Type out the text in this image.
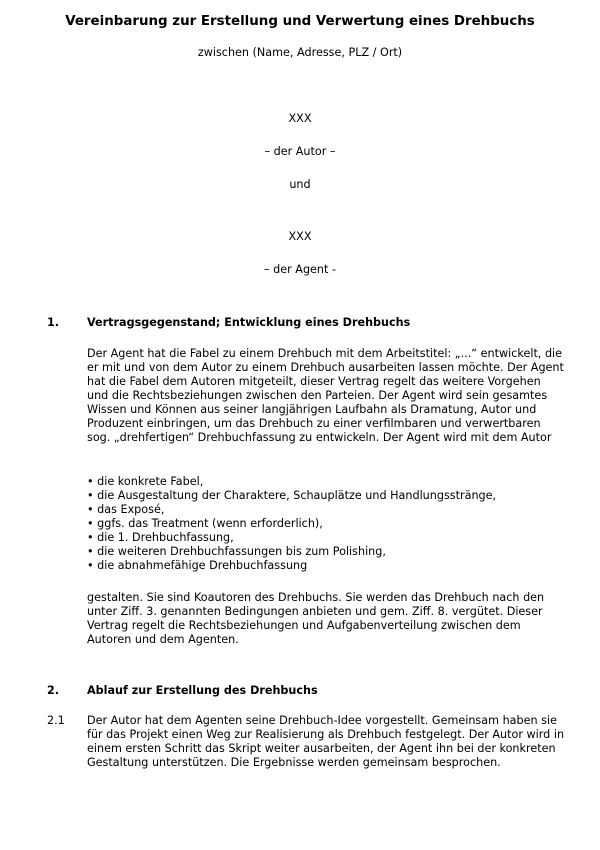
Vereinbarung zur Erstellung und Verwertung eines Drehbuchs
zwischen (Name, Adresse, PLZ / Ort)
XXX
– der Autor –
und
XXX
– der Agent -
1. Vertragsgegenstand; Entwicklung eines Drehbuchs

Der Agent hat die Fabel zu einem Drehbuch mit dem Arbeitstitel: „...“ entwickelt, die er mit und von dem Autor zu einem Drehbuch ausarbeiten lassen möchte. Der Agent hat die Fabel dem Autoren mitgeteilt, dieser Vertrag regelt das weitere Vorgehen und die Rechtsbeziehungen zwischen den Parteien. Der Agent wird sein gesamtes Wissen und Können aus seiner langjährigen Laufbahn als Dramatung, Autor und Produzent einbringen, um das Drehbuch zu einer verfilmbaren und verwertbaren sog. „drehfertigen“ Drehbuchfassung zu entwickeln. Der Agent wird mit dem Autor

• die konkrete Fabel,
• die Ausgestaltung der Charaktere, Schauplätze und Handlungsstränge,
• das Exposé,
• ggfs. das Treatment (wenn erforderlich),
• die 1. Drehbuchfassung,
• die weiteren Drehbuchfassungen bis zum Polishing,
• die abnahmefähige Drehbuchfassung

gestalten. Sie sind Koautoren des Drehbuchs. Sie werden das Drehbuch nach den unter Ziff. 3. genannten Bedingungen anbieten und gem. Ziff. 8. vergütet. Dieser Vertrag regelt die Rechtsbeziehungen und Aufgabenverteilung zwischen dem Autoren und dem Agenten.

2. Ablauf zur Erstellung des Drehbuchs
2.1 Der Autor hat dem Agenten seine Drehbuch-Idee vorgestellt. Gemeinsam haben sie für das Projekt einen Weg zur Realisierung als Drehbuch festgelegt. Der Autor wird in einem ersten Schritt das Skript weiter ausarbeiten, der Agent ihn bei der konkreten Gestaltung unterstützen. Die Ergebnisse werden gemeinsam besprochen.
